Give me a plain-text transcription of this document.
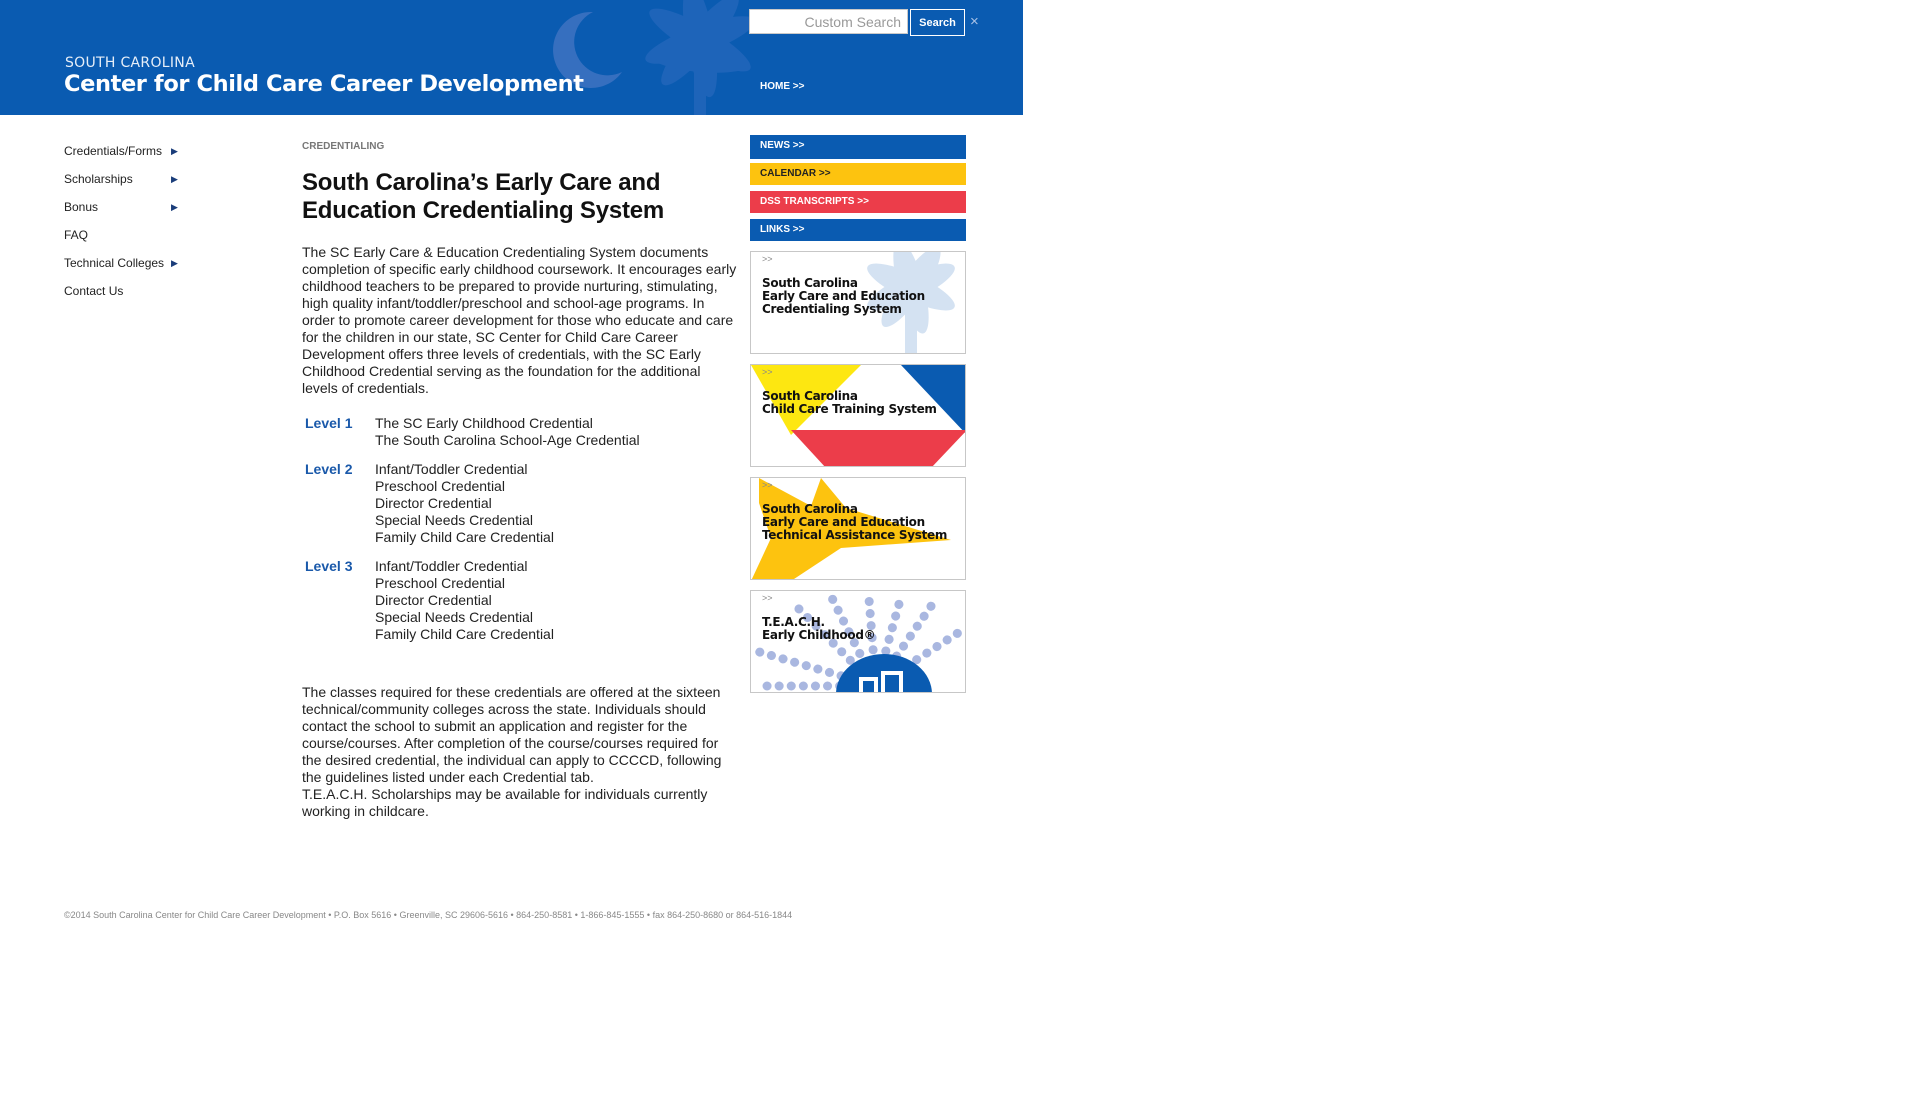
SOUTH CAROLINA
Center for Child Care Career Development
Custom Search
Search ×
HOME >>
Credentials/Forms ▶
Scholarships	▶
Bonus	▶
FAQ
Technical Colleges ▶
Contact Us
CREDENTIALING
South Carolina’s Early Care and
Education Credentialing System

The SC Early Care & Education Credentialing System documents completion of specific early childhood coursework. It encourages early childhood teachers to be prepared to provide nurturing, stimulating, high quality infant/toddler/preschool and school-age programs. In order to promote career development for those who educate and care for the children in our state, SC Center for Child Care Career Development offers three levels of credentials, with the SC Early Childhood Credential serving as the foundation for the additional levels of credentials.

Level 1	The SC Early Childhood Credential
The South Carolina School-Age Credential
Level 2	Infant/Toddler Credential
Preschool Credential
Director Credential
Special Needs Credential
Family Child Care Credential
Level 3	Infant/Toddler Credential
Preschool Credential
Director Credential
Special Needs Credential
Family Child Care Credential

The classes required for these credentials are offered at the sixteen technical/community colleges across the state. Individuals should contact the school to submit an application and register for the course/courses. After completion of the course/courses required for the desired credential, the individual can apply to CCCCD, following the guidelines listed under each Credential tab.

T.E.A.C.H. Scholarships may be available for individuals currently working in childcare.

NEWS >>
CALENDAR >>
DSS TRANSCRIPTS >>
LINKS >>
>>
South Carolina
Early Care and Education
Credentialing System
>>
South Carolina
Child Care Training System
>>
South Carolina
Early Care and Education
Technical Assistance System
>>
T.E.A.C.H.
Early Childhood®
©2014 South Carolina Center for Child Care Career Development • P.O. Box 5616 • Greenville, SC 29606-5616 • 864-250-8581 • 1-866-845-1555 • fax 864-250-8680 or 864-516-1844
